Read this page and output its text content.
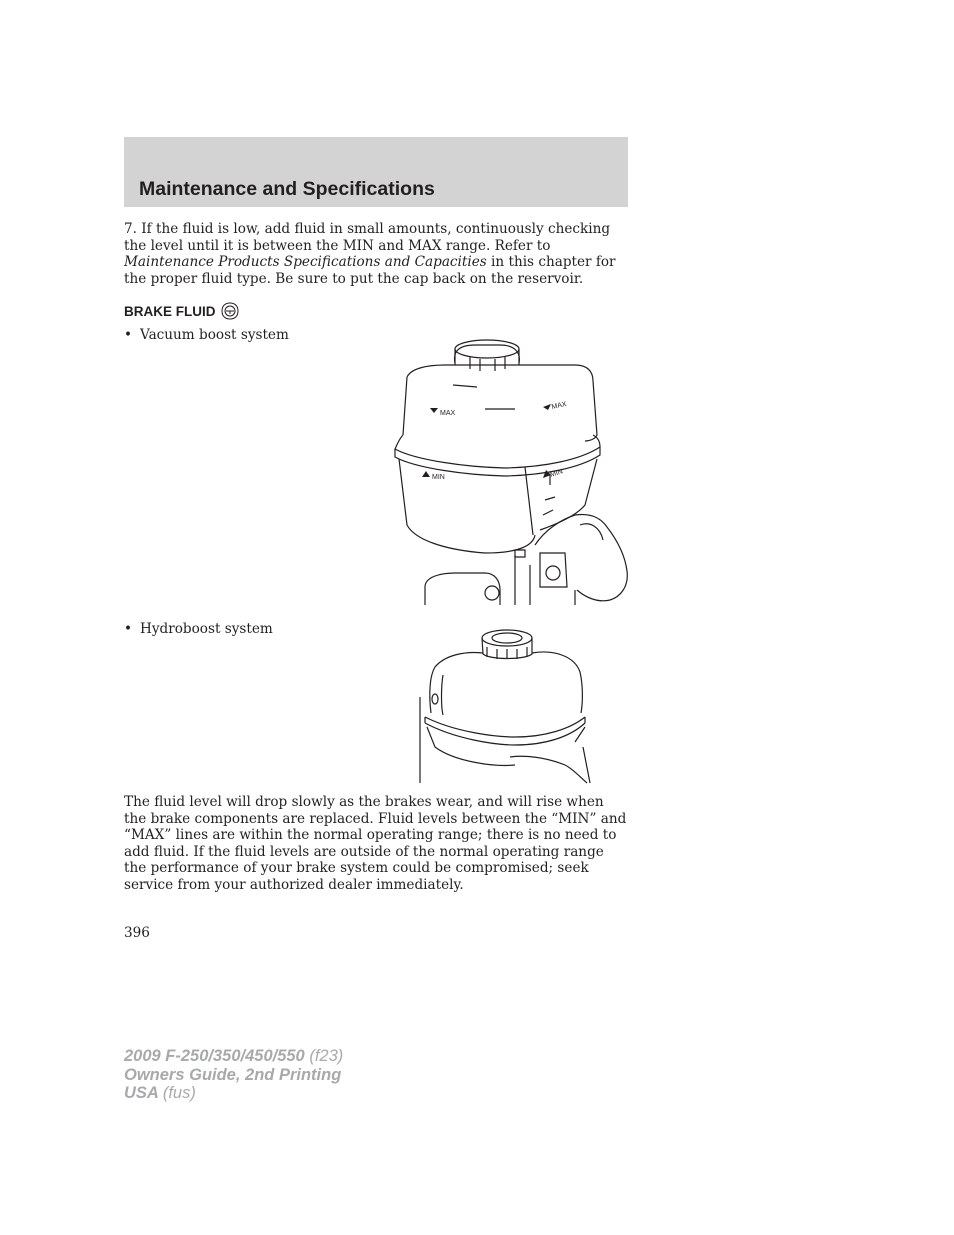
Maintenance and Specifications
7. If the fluid is low, add fluid in small amounts, continuously checking the level until it is between the MIN and MAX range. Refer to Maintenance Products Specifications and Capacities in this chapter for the proper fluid type. Be sure to put the cap back on the reservoir.
BRAKE FLUID
• Vacuum boost system
MAX
MAX
MIN	MIN
• Hydroboost system
The fluid level will drop slowly as the brakes wear, and will rise when the brake components are replaced. Fluid levels between the “MIN” and “MAX” lines are within the normal operating range; there is no need to add fluid. If the fluid levels are outside of the normal operating range the performance of your brake system could be compromised; seek service from your authorized dealer immediately.
396
2009 F-250/350/450/550 (f23)
Owners Guide, 2nd Printing
USA (fus)
